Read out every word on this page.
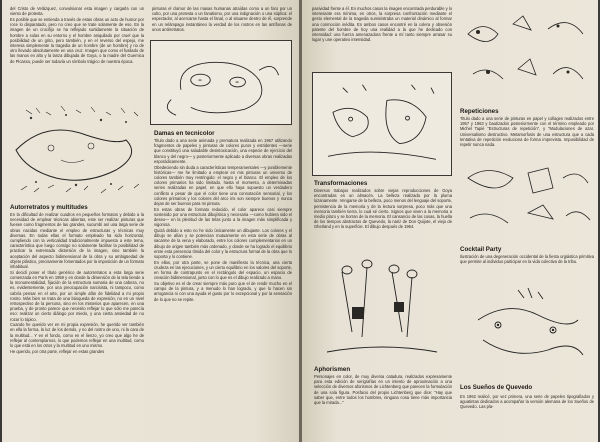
del Cristo de Velázquez, convulsionar esta imagen y cargarla con un viento de protesta.

Es posible que se entienda a través de estas obras un acto de humor por roce lo disparatado, pero no creo que se trate solamente de eso. En la imagen de un crucifijo se ha reflejado surtidamente la situación de hombre a solas en su entorno y el hombre aniquilado por cruel que la posibilidad de un grito, pero también, y en el reverso del espejo, me interesa simplemente la tragedia de un hombre (de un hombre) y no de otro llevado absolutamente en una cruz. Imagen que como el fusilado de las manos en alto y la lanza dibujada de Goya, o la madre del Guernica de Picasso, puede ser todavía un símbolo trágico de nuestra época.

pinturas el clamor de las masas humanas atraídas como a un faro por un culto, por una protesta o un fanatismo, por una indignación o una súplica: el espectador, al acercarse hasta el fanal, o al situarse dentro de él, sorprende en un relámpago instantáneo la verdad de los rostros en las antífonas de unos antirretratos.
Autorretratos y multitudes

En la dificultad de realizar cuadros en pequeños formatos y debido a la necesidad de emplear técnicas abiertas, este ser realizar pinturas que fuesen como fragmentos de las grandes, sucumbí así una larga serie de obras nacidas mediante el empleo de estructuras y técnicas muy diversas. En todas ellas el formato empleado ha sido horizontal, cumpliendo con la verticalidad tradicionalmente impuesta a este tema, característica que luego consigo no solamente facilitar la posibilidad de practicar la extremada distorsión de la imagen, sino también la aceptación del aspecto bidimensional de la obra y su ambigüedad de objeto plástico, precisamente fomentados por la imposición de un formato inhabitual.

Si decidí poner el título genérico de autorretratos a esta larga serie comenzada en París en 1959 y en donde la dimensión de la tela tiende a la monumentalidad, fijación de la estructura sumaria de una cabeza, no es, evidentemente, por una preocupación narcisista, ni tampoco, como cabría pensar en el arte, por un simple afán de fidelidad a mi propio rostro. Más bien se trata de una búsqueda de expresión, no en un nivel retrospectivo de la persona, sino en los misterios que aparecen, en una prueba, y de pronto parece que necesito reflejar lo que sólo me parecía eso: realizar un cierto diálogo por miedo, y una cierta ansiedad de no rozar lo tópico.

Cuando he querido ver en mi propia expresión, he querido ver también en ella la forma, la luz de los demás, y no del rostro de uno, ni la cara de la multitud... Y en el fondo, como en el lienzo, yo creo que algo he de reflejar al contemplarnos, lo que podemos reflejar en una multitud, como lo que está en los otros y la multitud en uno mismo.

He querido, por otra parte, reflejar en estas grandes

Damas en tecnicolor

Titulo dado a una serie animada y prematura realizada en 1967 utilizando fragmentos de papeles y pinturas de colores puros y estridentes —serie que constituyó una saludable desintoxicación, una especie de ejercicio del blanco y del negro— y posteriormente aplicado a diversas obras realizadas esporádicamente.

Obedeciendo sin duda a características temperamentales —y posiblemente históricas— me he limitado a emplear en mis pinturas un universo de colores también muy restringido: el negro y el blanco. El empleo de los colores primarios ha sido limitado, hasta el momento, a determinadas series realizadas en papel, en que ello haya supuesto un verdadero conflicto a pesar de que el color tiene una connotación sensorial, y los colores primarios y los colores del arco iris son siempre buenos y nunca dejan de ser buenos para mi pintura.

En estas obras de formato reducido, el color aparece casi siempre sostenido por una estructura dibujística y necesaria —como hubiera sido el deseo— en la plenitud de las telas junto a la imagen más simplificada y vigorosa.

Quizá debido a esto no he sido únicamente un dibujante. Los colores y el dibujo se alían y se potencian mutuamente en esta serie de obras al sacarme de la vena y elaborado, entre los colores complementarios en un dibujo de origen también más ordenado, y donde se ha logrado el equilibrio entre esta presencia tímida del color y la estructura formal de la obra que lo soporta y lo contiene.

En ellas, por otra parte, se pone de manifiesto la técnica, una cierta crudeza en las ejecuciones, y un cierto equilibrio en los valores del soporte, en forma de contrapunto en el rectángulo del espacio, un espacio de creación bidimensional, junto con lo que es el dibujo realizado a mano.

Su objetivo es el de crear siempre más puro que el de rendir mucho en el campo de la pintura, y a menudo lo han logrado, y que lo hacen sin arrogancia ni con una ayuda el gusto por lo excepcional y por la sensación de lo que no se repite.

pasividad frente a él. En muchos casos la imagen encontrada perdurable y lo interesante era mínima, en otros, la sorpresa confrontación mediante el gesto elemental de la tragedia suministraba un material dinámico al formar una conmoción inédita. En ambos casos encontré en la colera y obsesión patente del hombre de hoy una realidad a la que he dedicado con intensidad: una fuerza amenazadora frente a mí tanto siempre arrasar su lugar y une operativo intensidad.
Transformaciones

Diversos trabajos realizados sobre viejas reproducciones de Goya encontradas en un almacén. La belleza realizada por la pluma lozanamente. Vengarse de la belleza, poco menos del lenguaje del soporte, persistencia de la memoria y de la lectura sorpresa, poco más que una memoria también tierra, lo cual sé cierto. Signos que viven a la memoria a medio plazo y se borran de la memoria. El cansancio de las cosas, la huella de los tiempos abstractos de Quevedo, la nariz de Don Quijote, el viejo de Gherland y en la superficie. El dibujo después de 1964.

Aphorismen

Personajes en color, de muy diversa catadura, realizados expresamente para esta edición de serigrafías en un intento de aproximación a una selección de diversos aforismos de Lichtenberg que parecen la formulación de una sola figura. Posfacio del propio Lichtenberg que dice: "Hay que saber que, entre todos los hombres, ninguna cosa tiene más importancia que la mirada..."

Repeticiones

Titulo dado a una serie de pinturas en papel y collages realizados entre 1957 y 1963 y bautizados posteriormente con el término empleado por Michel Tapié "Estructuras de repetición", y "Modulaciones de azar. Universalismo destructivo. Metamorfosis de una estructura que a cada tentativa de repetición evoluciona de forma imprevista. Imposibilidad de repetir nunca nada.

Cocktail Party

Ilustración de una degeneración occidental de la fiesta orgiástica primitiva que permite al individuo participar en la vida colectiva de la tribu.

Los Sueños de Quevedo

En 1962 realicé, por vez primera, una serie de papeles tipografiados y aguatintas dedicados a acompañar la versión alemana de los Sueños de Quevedo. Las pla-
